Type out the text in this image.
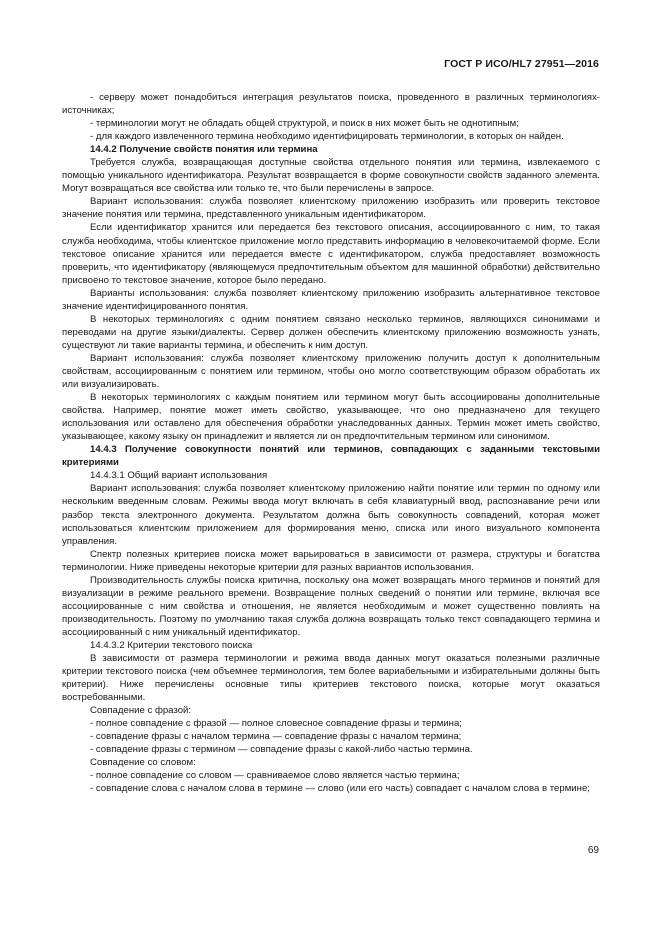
ГОСТ Р ИСО/HL7 27951—2016

- серверу может понадобиться интеграция результатов поиска, проведенного в различных терминологиях-источниках;

- терминологии могут не обладать общей структурой, и поиск в них может быть не однотипным;

- для каждого извлеченного термина необходимо идентифицировать терминологии, в которых он найден.

14.4.2 Получение свойств понятия или термина

Требуется служба, возвращающая доступные свойства отдельного понятия или термина, извлекаемого с помощью уникального идентификатора. Результат возвращается в форме совокупности свойств заданного элемента. Могут возвращаться все свойства или только те, что были перечислены в запросе.

Вариант использования: служба позволяет клиентскому приложению изобразить или проверить текстовое значение понятия или термина, представленного уникальным идентификатором.

Если идентификатор хранится или передается без текстового описания, ассоциированного с ним, то такая служба необходима, чтобы клиентское приложение могло представить информацию в человекочитаемой форме. Если текстовое описание хранится или передается вместе с идентификатором, служба предоставляет возможность проверить, что идентификатору (являющемуся предпочтительным объектом для машинной обработки) действительно присвоено то текстовое значение, которое было передано.

Варианты использования: служба позволяет клиентскому приложению изобразить альтернативное текстовое значение идентифицированного понятия.

В некоторых терминологиях с одним понятием связано несколько терминов, являющихся синонимами и переводами на другие языки/диалекты. Сервер должен обеспечить клиентскому приложению возможность узнать, существуют ли такие варианты термина, и обеспечить к ним доступ.

Вариант использования: служба позволяет клиентскому приложению получить доступ к дополнительным свойствам, ассоциированным с понятием или термином, чтобы оно могло соответствующим образом обработать их или визуализировать.

В некоторых терминологиях с каждым понятием или термином могут быть ассоциированы дополнительные свойства. Например, понятие может иметь свойство, указывающее, что оно предназначено для текущего использования или оставлено для обеспечения обработки унаследованных данных. Термин может иметь свойство, указывающее, какому языку он принадлежит и является ли он предпочтительным термином или синонимом.

14.4.3 Получение совокупности понятий или терминов, совпадающих с заданными текстовыми критериями

14.4.3.1 Общий вариант использования

Вариант использования: служба позволяет клиентскому приложению найти понятие или термин по одному или нескольким введенным словам. Режимы ввода могут включать в себя клавиатурный ввод, распознавание речи или разбор текста электронного документа. Результатом должна быть совокупность совпадений, которая может использоваться клиентским приложением для формирования меню, списка или иного визуального компонента управления.

Спектр полезных критериев поиска может варьироваться в зависимости от размера, структуры и богатства терминологии. Ниже приведены некоторые критерии для разных вариантов использования.

Производительность службы поиска критична, поскольку она может возвращать много терминов и понятий для визуализации в режиме реального времени. Возвращение полных сведений о понятии или термине, включая все ассоциированные с ним свойства и отношения, не является необходимым и может существенно повлиять на производительность. Поэтому по умолчанию такая служба должна возвращать только текст совпадающего термина и ассоциированный с ним уникальный идентификатор.

14.4.3.2 Критерии текстового поиска

В зависимости от размера терминологии и режима ввода данных могут оказаться полезными различные критерии текстового поиска (чем объемнее терминология, тем более вариабельными и избирательными должны быть критерии). Ниже перечислены основные типы критериев текстового поиска, которые могут оказаться востребованными.

Совпадение с фразой:

- полное совпадение с фразой — полное словесное совпадение фразы и термина;

- совпадение фразы с началом термина — совпадение фразы с началом термина;

- совпадение фразы с термином — совпадение фразы с какой-либо частью термина.

Совпадение со словом:

- полное совпадение со словом — сравниваемое слово является частью термина;

- совпадение слова с началом слова в термине — слово (или его часть) совпадает с началом слова в термине;

69
